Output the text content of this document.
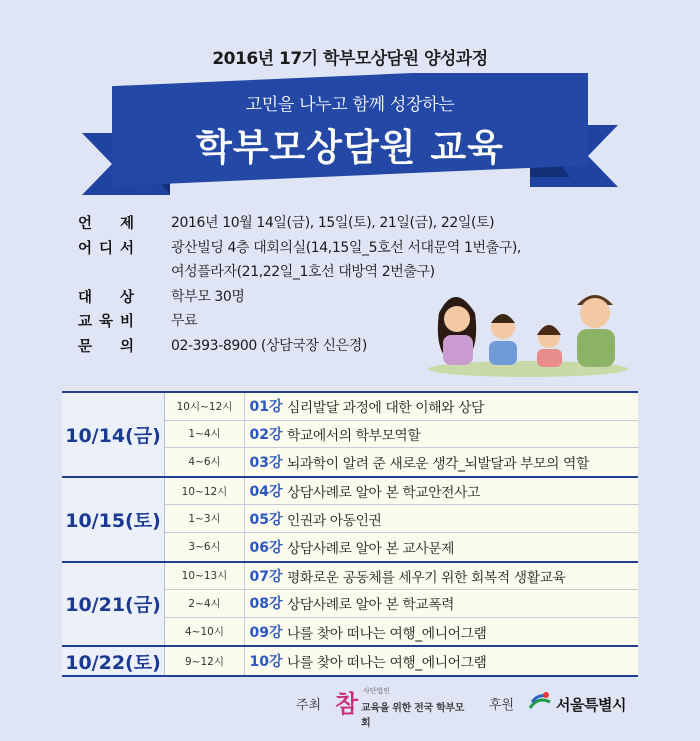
2016년 17기 학부모상담원 양성과정
고민을 나누고 함께 성장하는
학부모상담원 교육
언 제	2016년 10월 14일(금), 15일(토), 21일(금), 22일(토)
어 디 서	광산빌딩 4층 대회의실(14,15일_5호선 서대문역 1번출구),
여성플라자(21,22일_1호선 대방역 2번출구)
대 상	학부모 30명
교 육 비	무료
문 의	02-393-8900 (상담국장 신은경)
10/14(금)
10시~12시	01강 심리발달 과정에 대한 이해와 상담
1~4시	02강 학교에서의 학부모역할
4~6시	03강 뇌과학이 알려 준 새로운 생각_뇌발달과 부모의 역할
10/15(토)
10~12시	04강 상담사례로 알아 본 학교안전사고
1~3시	05강 인권과 아동인권
3~6시	06강 상담사례로 알아 본 교사문제
10/21(금)
10~13시	07강 평화로운 공동체를 세우기 위한 회복적 생활교육
2~4시	08강 상담사례로 알아 본 학교폭력
4~10시	09강 나를 찾아 떠나는 여행_에니어그램
10/22(토)	9~12시	10강 나를 찾아 떠나는 여행_에니어그램
주최 참 사단법인
교육을 위한 전국 학부모회
후원	서울특별시
